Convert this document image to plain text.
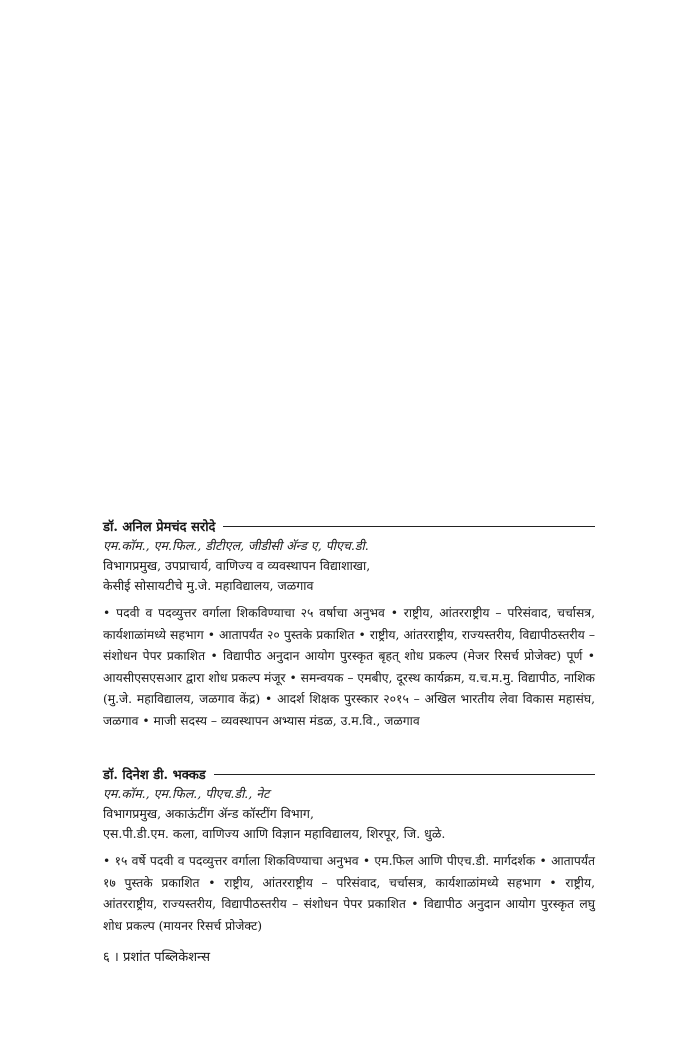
डॉ. अनिल प्रेमचंद सरोदे
एम.कॉम., एम.फिल., डीटीएल, जीडीसी ॲन्ड ए, पीएच.डी.
विभागप्रमुख, उपप्राचार्य, वाणिज्य व व्यवस्थापन विद्याशाखा,
केसीई सोसायटीचे मु.जे. महाविद्यालय, जळगाव
• पदवी व पदव्युत्तर वर्गाला शिकविण्याचा २५ वर्षाचा अनुभव • राष्ट्रीय, आंतरराष्ट्रीय – परिसंवाद, चर्चासत्र, कार्यशाळांमध्ये सहभाग • आतापर्यंत २० पुस्तके प्रकाशित • राष्ट्रीय, आंतरराष्ट्रीय, राज्यस्तरीय, विद्यापीठस्तरीय – संशोधन पेपर प्रकाशित • विद्यापीठ अनुदान आयोग पुरस्कृत बृहत् शोध प्रकल्प (मेजर रिसर्च प्रोजेक्ट) पूर्ण • आयसीएसएसआर द्वारा शोध प्रकल्प मंजूर • समन्वयक – एमबीए, दूरस्थ कार्यक्रम, य.च.म.मु. विद्यापीठ, नाशिक (मु.जे. महाविद्यालय, जळगाव केंद्र) • आदर्श शिक्षक पुरस्कार २०१५ – अखिल भारतीय लेवा विकास महासंघ, जळगाव • माजी सदस्य – व्यवस्थापन अभ्यास मंडळ, उ.म.वि., जळगाव
डॉ. दिनेश डी. भक्कड
एम.कॉम., एम.फिल., पीएच.डी., नेट
विभागप्रमुख, अकाऊंटींग ॲन्ड कॉस्टींग विभाग,
एस.पी.डी.एम. कला, वाणिज्य आणि विज्ञान महाविद्यालय, शिरपूर, जि. धुळे.
• १५ वर्षे पदवी व पदव्युत्तर वर्गाला शिकविण्याचा अनुभव • एम.फिल आणि पीएच.डी. मार्गदर्शक • आतापर्यंत १७ पुस्तके प्रकाशित • राष्ट्रीय, आंतरराष्ट्रीय – परिसंवाद, चर्चासत्र, कार्यशाळांमध्ये सहभाग • राष्ट्रीय, आंतरराष्ट्रीय, राज्यस्तरीय, विद्यापीठस्तरीय – संशोधन पेपर प्रकाशित • विद्यापीठ अनुदान आयोग पुरस्कृत लघु शोध प्रकल्प (मायनर रिसर्च प्रोजेक्ट)
६ । प्रशांत पब्लिकेशन्स
